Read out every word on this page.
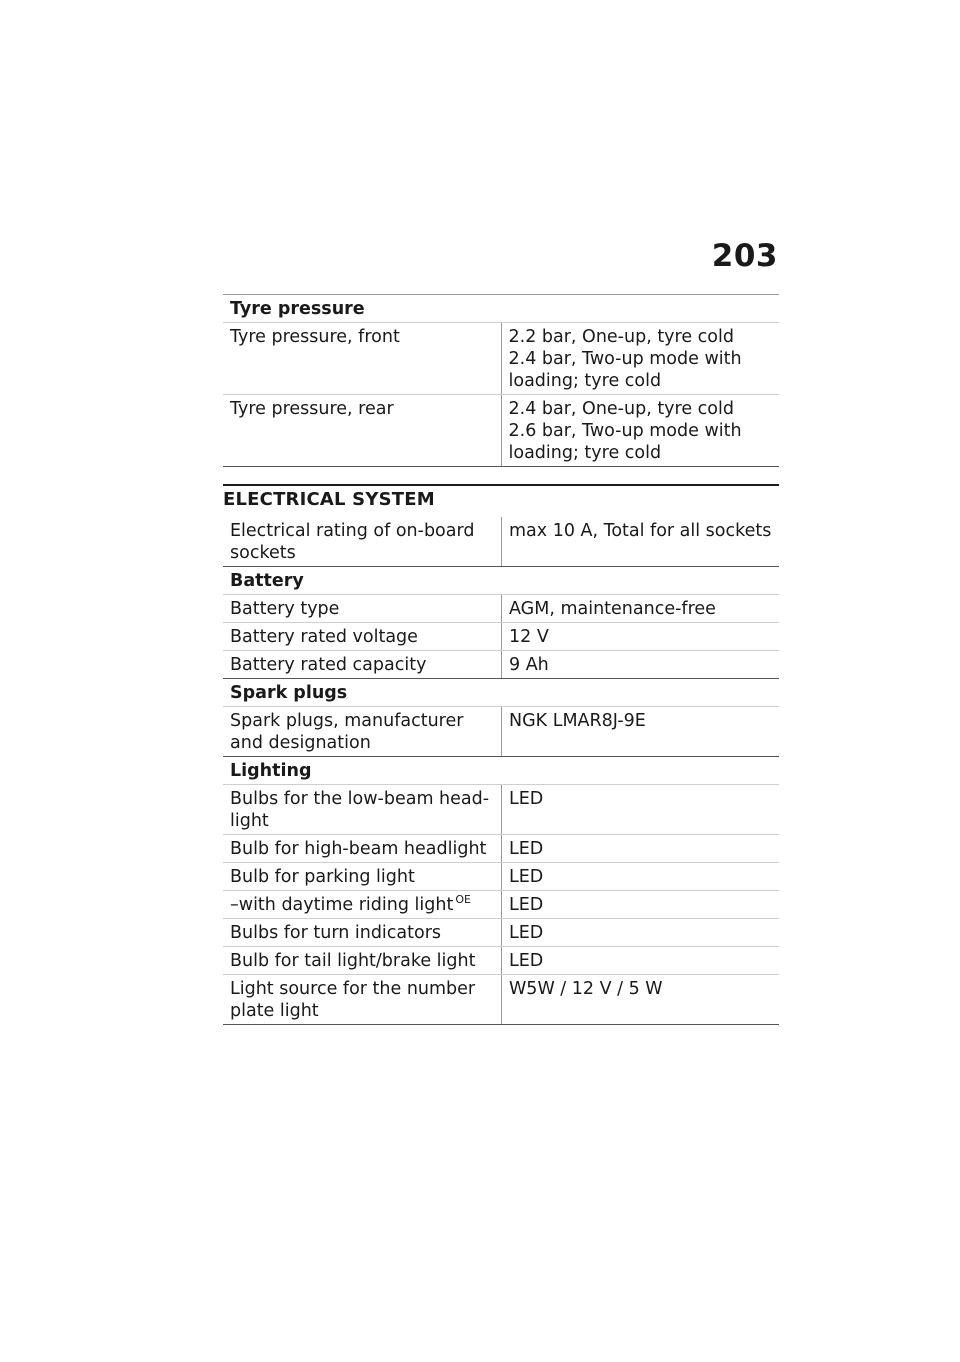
203
Tyre pressure	
Tyre pressure, front	2.2 bar, One-up, tyre cold
2.4 bar, Two-up mode with
loading; tyre cold

Tyre pressure, rear	2.4 bar, One-up, tyre cold
2.6 bar, Two-up mode with
loading; tyre cold
ELECTRICAL SYSTEM
Electrical rating of on-board sockets	max 10 A, Total for all sockets
Battery	
Battery type	AGM, maintenance-free
Battery rated voltage	12 V
Battery rated capacity	9 Ah
Spark plugs	
Spark plugs, manufacturer and designation	NGK LMAR8J-9E
Lighting	
Bulbs for the low-beam head-light	LED
Bulb for high-beam headlight	LED
Bulb for parking light	LED
–with daytime riding light $^{OE}$	LED
Bulbs for turn indicators	LED
Bulb for tail light/brake light	LED
Light source for the number plate light	W5W / 12 V / 5 W
